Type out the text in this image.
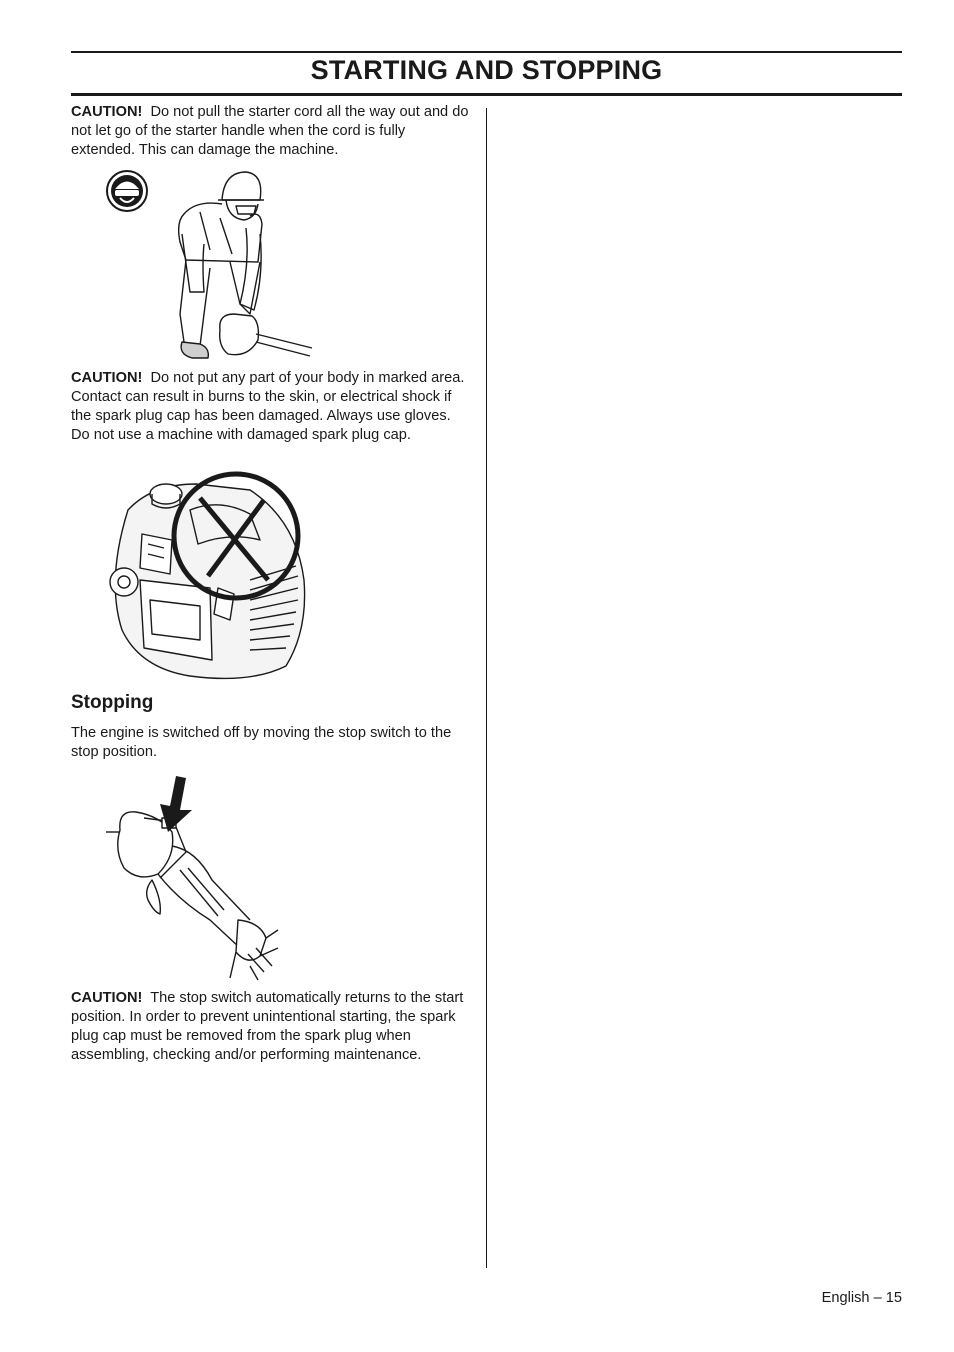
STARTING AND STOPPING

CAUTION! Do not pull the starter cord all the way out and do not let go of the starter handle when the cord is fully extended. This can damage the machine.

CAUTION! Do not put any part of your body in marked area. Contact can result in burns to the skin, or electrical shock if the spark plug cap has been damaged. Always use gloves. Do not use a machine with damaged spark plug cap.

Stopping

The engine is switched off by moving the stop switch to the stop position.

CAUTION! The stop switch automatically returns to the start position. In order to prevent unintentional starting, the spark plug cap must be removed from the spark plug when assembling, checking and/or performing maintenance.

English – 15
